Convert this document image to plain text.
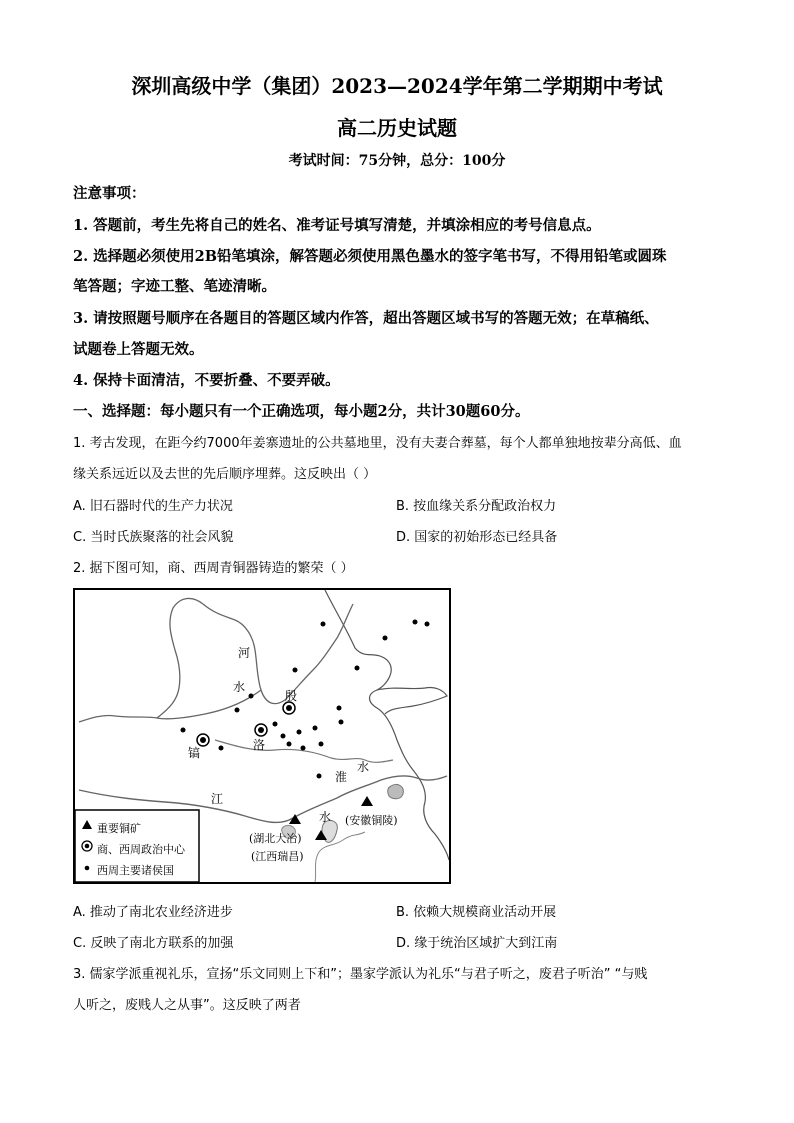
深圳高级中学（集团）2023—2024学年第二学期期中考试
高二历史试题
考试时间：75分钟，总分：100分
注意事项：
1. 答题前，考生先将自己的姓名、准考证号填写清楚，并填涂相应的考号信息点。
2. 选择题必须使用2B铅笔填涂，解答题必须使用黑色墨水的签字笔书写，不得用铅笔或圆珠
笔答题；字迹工整、笔迹清晰。
3. 请按照题号顺序在各题目的答题区域内作答，超出答题区域书写的答题无效；在草稿纸、
试题卷上答题无效。
4. 保持卡面清洁，不要折叠、不要弄破。
一、选择题：每小题只有一个正确选项，每小题2分，共计30题60分。
1. 考古发现，在距今约7000年姜寨遗址的公共墓地里，没有夫妻合葬墓，每个人都单独地按辈分高低、血
缘关系远近以及去世的先后顺序埋葬。这反映出（ ）
A. 旧石器时代的生产力状况	B. 按血缘关系分配政治权力
C. 当时氏族聚落的社会风貌	D. 国家的初始形态已经具备
2. 据下图可知，商、西周青铜器铸造的繁荣（ ）
河
水
殷
镐
洛
淮
水
江
水
(湖北大冶)
(江西瑞昌)
(安徽铜陵)
重要铜矿
商、西周政治中心
西周主要诸侯国
A. 推动了南北农业经济进步	B. 依赖大规模商业活动开展
C. 反映了南北方联系的加强	D. 缘于统治区域扩大到江南
3. 儒家学派重视礼乐，宣扬“乐文同则上下和”；墨家学派认为礼乐“与君子听之，废君子听治” “与贱
人听之，废贱人之从事”。这反映了两者
